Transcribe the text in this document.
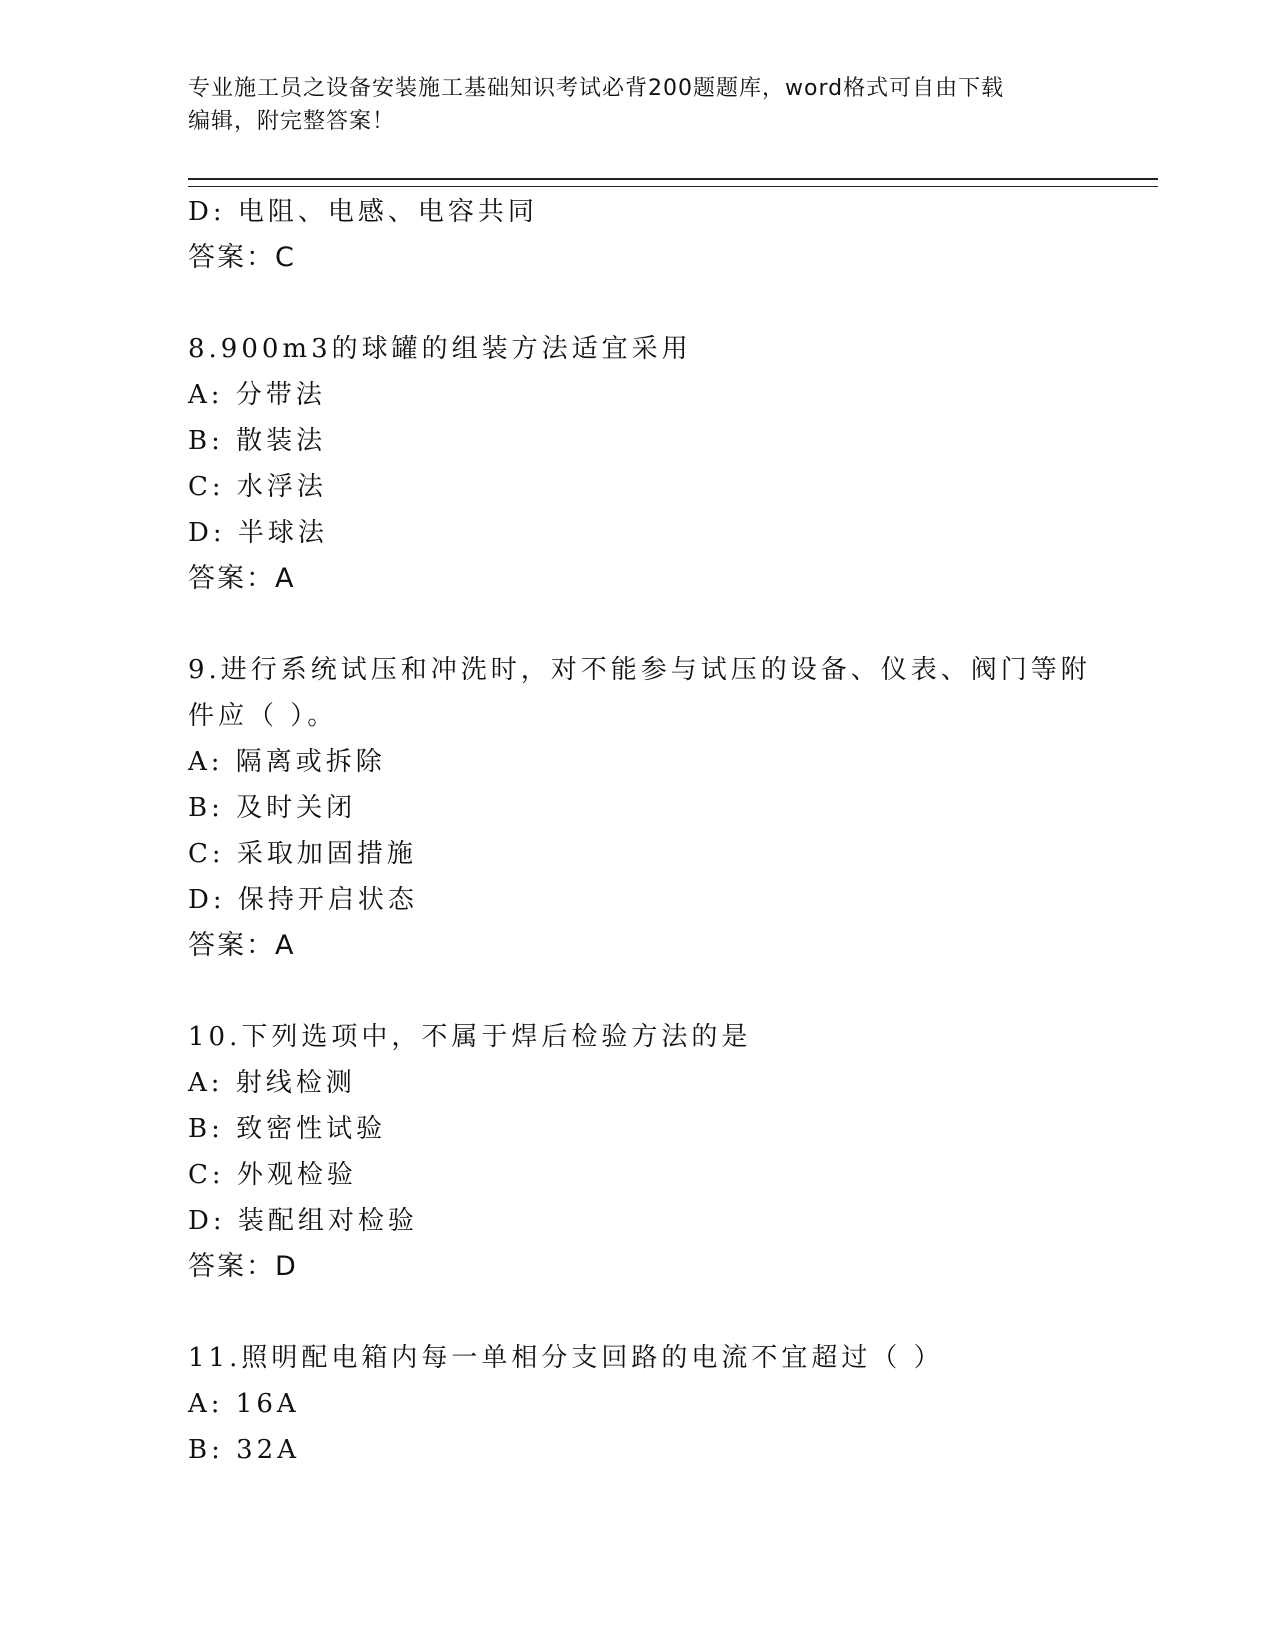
专业施工员之设备安装施工基础知识考试必背200题题库，word格式可自由下载
编辑，附完整答案！
D: 电阻、电感、电容共同
答案：C
8.900m3的球罐的组装方法适宜采用
A: 分带法
B: 散装法
C: 水浮法
D: 半球法
答案：A
9.进行系统试压和冲洗时，对不能参与试压的设备、仪表、阀门等附
件应（ ）。
A: 隔离或拆除
B: 及时关闭
C: 采取加固措施
D: 保持开启状态
答案：A
10.下列选项中，不属于焊后检验方法的是
A: 射线检测
B: 致密性试验
C: 外观检验
D: 装配组对检验
答案：D
11.照明配电箱内每一单相分支回路的电流不宜超过（ ）
A: 16A
B: 32A
